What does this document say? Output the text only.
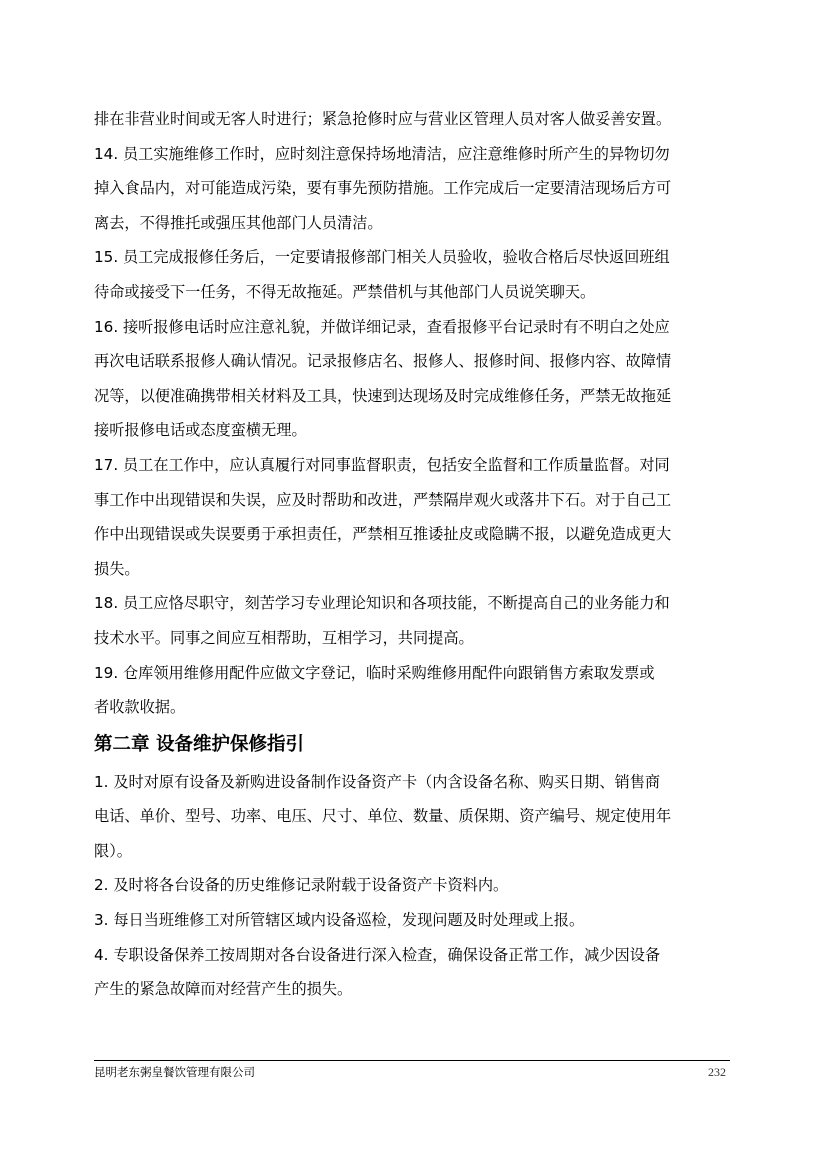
排在非营业时间或无客人时进行；紧急抢修时应与营业区管理人员对客人做妥善安置。
14. 员工实施维修工作时，应时刻注意保持场地清洁，应注意维修时所产生的异物切勿
掉入食品内，对可能造成污染，要有事先预防措施。工作完成后一定要清洁现场后方可
离去，不得推托或强压其他部门人员清洁。
15. 员工完成报修任务后，一定要请报修部门相关人员验收，验收合格后尽快返回班组
待命或接受下一任务，不得无故拖延。严禁借机与其他部门人员说笑聊天。
16. 接听报修电话时应注意礼貌，并做详细记录，查看报修平台记录时有不明白之处应
再次电话联系报修人确认情况。记录报修店名、报修人、报修时间、报修内容、故障情
况等，以便准确携带相关材料及工具，快速到达现场及时完成维修任务，严禁无故拖延
接听报修电话或态度蛮横无理。
17. 员工在工作中，应认真履行对同事监督职责，包括安全监督和工作质量监督。对同
事工作中出现错误和失误，应及时帮助和改进，严禁隔岸观火或落井下石。对于自己工
作中出现错误或失误要勇于承担责任，严禁相互推诿扯皮或隐瞒不报，以避免造成更大
损失。
18. 员工应恪尽职守，刻苦学习专业理论知识和各项技能，不断提高自己的业务能力和
技术水平。同事之间应互相帮助，互相学习，共同提高。
19. 仓库领用维修用配件应做文字登记，临时采购维修用配件向跟销售方索取发票或
者收款收据。
第二章 设备维护保修指引
1. 及时对原有设备及新购进设备制作设备资产卡（内含设备名称、购买日期、销售商
电话、单价、型号、功率、电压、尺寸、单位、数量、质保期、资产编号、规定使用年
限）。
2. 及时将各台设备的历史维修记录附载于设备资产卡资料内。
3. 每日当班维修工对所管辖区域内设备巡检，发现问题及时处理或上报。
4. 专职设备保养工按周期对各台设备进行深入检查，确保设备正常工作，减少因设备
产生的紧急故障而对经营产生的损失。
昆明老东粥皇餐饮管理有限公司	232
